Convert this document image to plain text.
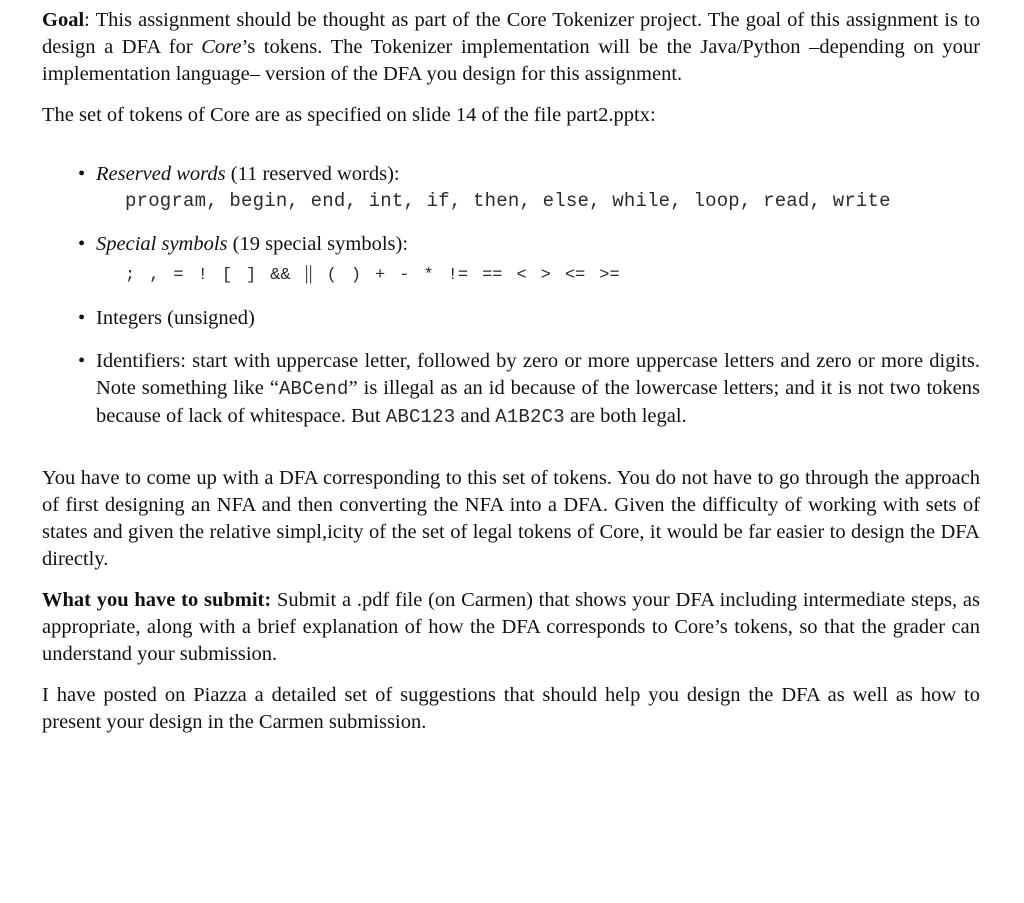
Goal: This assignment should be thought as part of the Core Tokenizer project. The goal of this assignment is to design a DFA for Core’s tokens. The Tokenizer implementation will be the Java/Python –depending on your implementation language– version of the DFA you design for this assignment.

The set of tokens of Core are as specified on slide 14 of the file part2.pptx:

• Reserved words (11 reserved words):
program, begin, end, int, if, then, else, while, loop, read, write
• Special symbols (19 special symbols):
; , = ! [ ] && || ( ) + - * != == < > <= >=
• Integers (unsigned)
• Identifiers: start with uppercase letter, followed by zero or more uppercase letters and zero or more digits. Note something like “ABCend” is illegal as an id because of the lowercase letters; and it is not two tokens because of lack of whitespace. But ABC123 and A1B2C3 are both legal.

You have to come up with a DFA corresponding to this set of tokens. You do not have to go through the approach of first designing an NFA and then converting the NFA into a DFA. Given the difficulty of working with sets of states and given the relative simpl,icity of the set of legal tokens of Core, it would be far easier to design the DFA directly.

What you have to submit: Submit a .pdf file (on Carmen) that shows your DFA including intermediate steps, as appropriate, along with a brief explanation of how the DFA corresponds to Core’s tokens, so that the grader can understand your submission.

I have posted on Piazza a detailed set of suggestions that should help you design the DFA as well as how to present your design in the Carmen submission.
